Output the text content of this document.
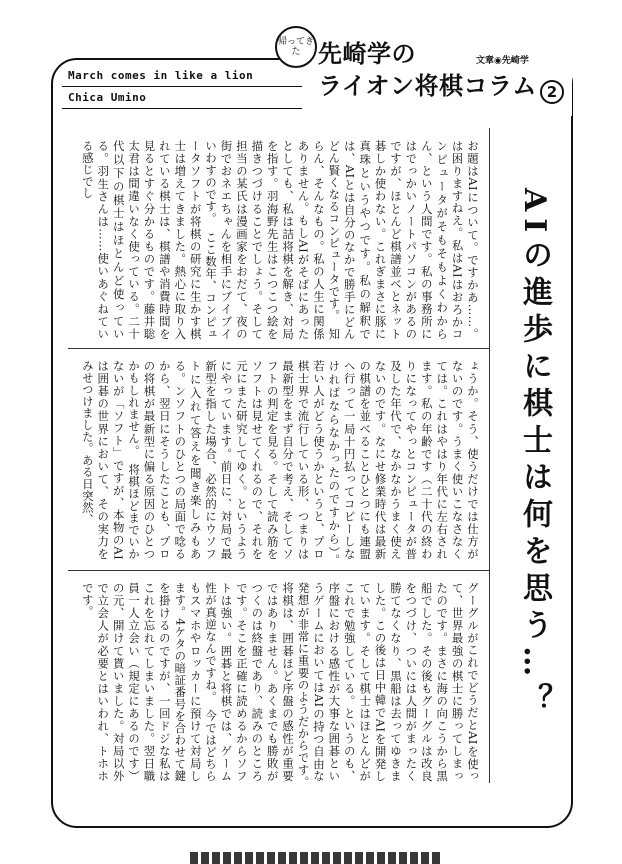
March comes in like a lion
Chica Umino
帰ってきた 先崎学の
ライオン将棋コラム
文章◉先崎学
2
AIの進歩に棋士は何を思う…？

お題はAIについて。ですかあ……。は困りますねえ。私はAIはおろかコンピュータがそもそもよくわからん、という人間です。私の事務所にはでっかいノートパソコンがあるのですが、ほとんど棋譜並べとネット碁しか使わない。これぎまさに豚に真珠というやつです。私の解釈では、AIとは自分のなかで勝手にどんどん賢くなるコンピュータです。　知らん、そんなもの。私の人生に関係ありません。もしAIがそばにあったとしても、私は詰将棋を解き、対局を指す。羽海野先生はこつこつ絵を描きつづけることでしょう。そして担当の某氏は漫画家をおだて、夜の街でおネエちゃんを相手にブイブイいわすのです。　ここ数年、コンピュータソフトが将棋の研究に生かす棋士は増えてきました。熱心に取り入れている棋士は、棋譜や消費時間を見るとすぐ分かるものです。藤井聡太君は間違いなく使っている。二十代以下の棋士はほとんど使っている。羽生さんは……使いあぐねている感じでし

ょうか。そう、使うだけでは仕方がないのです。うまく使いこなさなくては。これはやはり年代に左右されます。私の年齢です（二十代の終わりになってやっとコンピュータが普及した年代で、なかなかうまく使えないのです。なにせ修業時代は最新の棋譜を並べることひとつにも連盟へ行って一局十円払ってコピーしなければならなかったのですから）。　若い人がどう使うかというと、プロ棋士界で流行している形、つまりは最新型をまず自分で考え、そしてソフトの判定を見る。そして読み筋をソフトは見せてくれるので、それを元にまた研究してゆく。というようにやっています。前日に、対局で最新型を指した場合、必然的にウソフトに入れて答えを聞き楽しみもある。ンソフトのひとつの局面で唸るから、翌日にそうしたことも、プロの将棋が最新型に偏る原因のひとつかもしれません。　将棋ほどまでいかないが「ソフト」ですが、本物のAIは囲碁の世界において、その実力をみせつけました。ある日突然、

グーグルがこれでどうだとAIを使って、世界最強の棋士に勝ってしまったのです。まさに海の向こうから黒船でした。その後もグーグルは改良をつづけ、ついには人間がまったく勝てなくなり、黒船は去ってゆきました。この後は日中韓でAIを開発しています。そして棋士はほとんどがこれで勉強している。というのも、序盤における感性が大事な囲碁というゲームにおいてはAIの持つ自由な発想が非常に重要のようだからです。　将棋は、囲碁ほど序盤の感性が重要ではありません。あくまでも勝敗がつくのは終盤であり、読みのところです。そこを正確に読めるからソフトは強い。囲碁と将棋では、ゲーム性が真逆なんですね。　今ではどちらもスマホやロッカーに預けて対局します。4ケタの暗証番号を合わせて鍵を掛けるのですが、一回ドジな私はこれを忘れてしまいました。翌日職員一人立会い（規定にあるのです）の元、開けて貰いました。対局以外で立会人が必要とはいわれ、トホホです。
